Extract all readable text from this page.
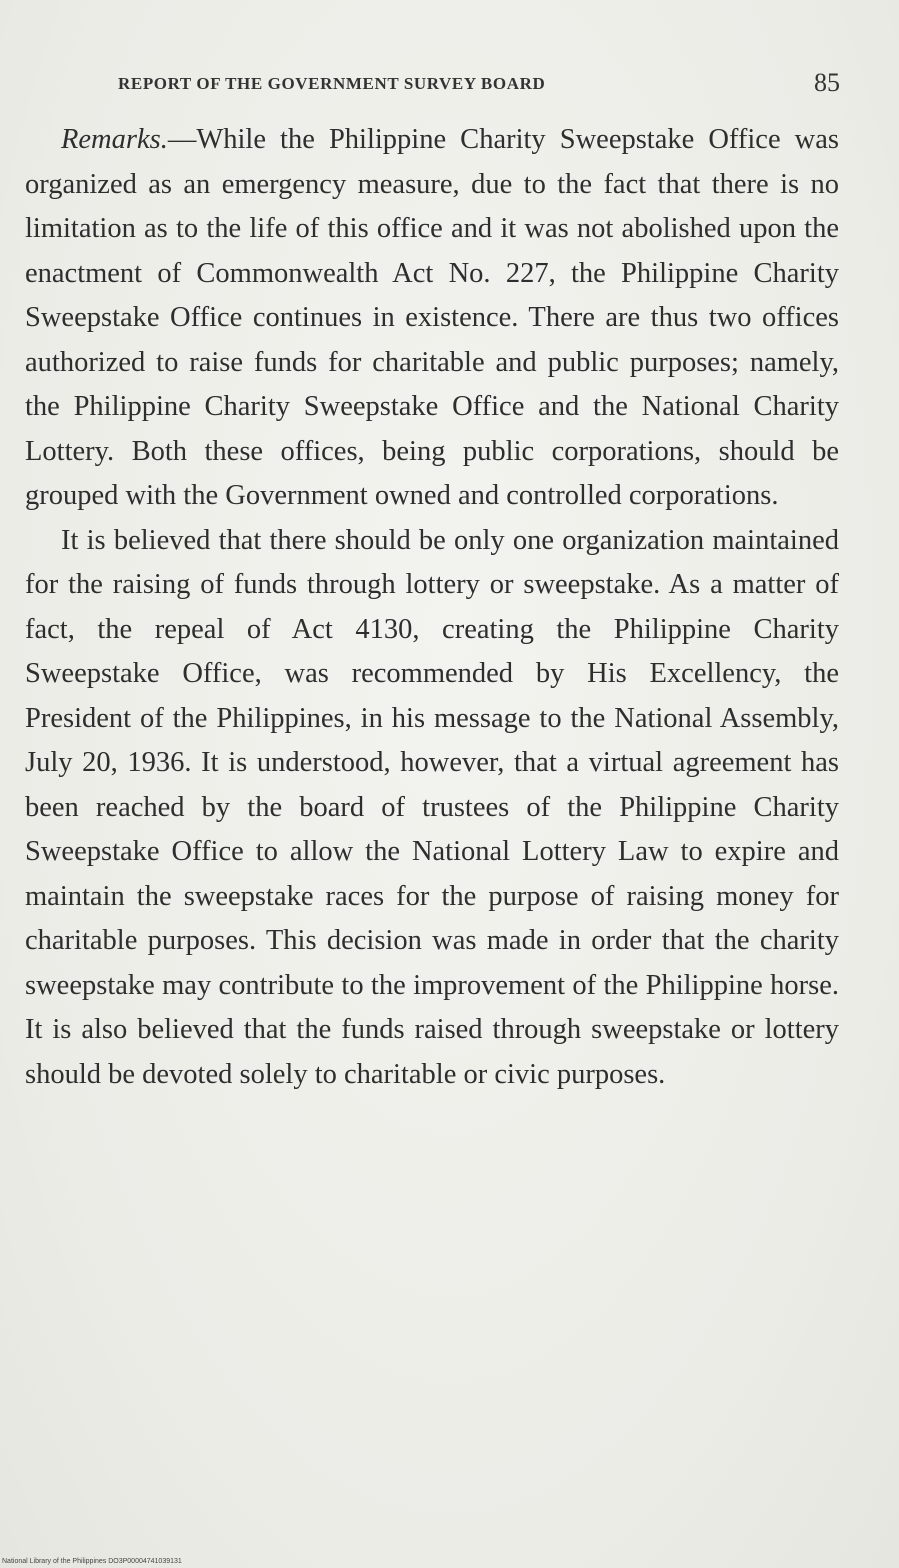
REPORT OF THE GOVERNMENT SURVEY BOARD	85

Remarks.—While the Philippine Charity Sweepstake Office was organized as an emergency measure, due to the fact that there is no limitation as to the life of this office and it was not abolished upon the enactment of Commonwealth Act No. 227, the Philippine Charity Sweepstake Office continues in existence. There are thus two offices authorized to raise funds for charitable and public purposes; namely, the Philippine Charity Sweepstake Office and the National Charity Lottery. Both these offices, being public corporations, should be grouped with the Government owned and controlled corporations.

It is believed that there should be only one organization maintained for the raising of funds through lottery or sweepstake. As a matter of fact, the repeal of Act 4130, creating the Philippine Charity Sweepstake Office, was recommended by His Excellency, the President of the Philippines, in his message to the National Assembly, July 20, 1936. It is understood, however, that a virtual agreement has been reached by the board of trustees of the Philippine Charity Sweepstake Office to allow the National Lottery Law to expire and maintain the sweepstake races for the purpose of raising money for charitable purposes. This decision was made in order that the charity sweepstake may contribute to the improvement of the Philippine horse. It is also believed that the funds raised through sweepstake or lottery should be devoted solely to charitable or civic purposes.

National Library of the Philippines DO3P00004741039131
